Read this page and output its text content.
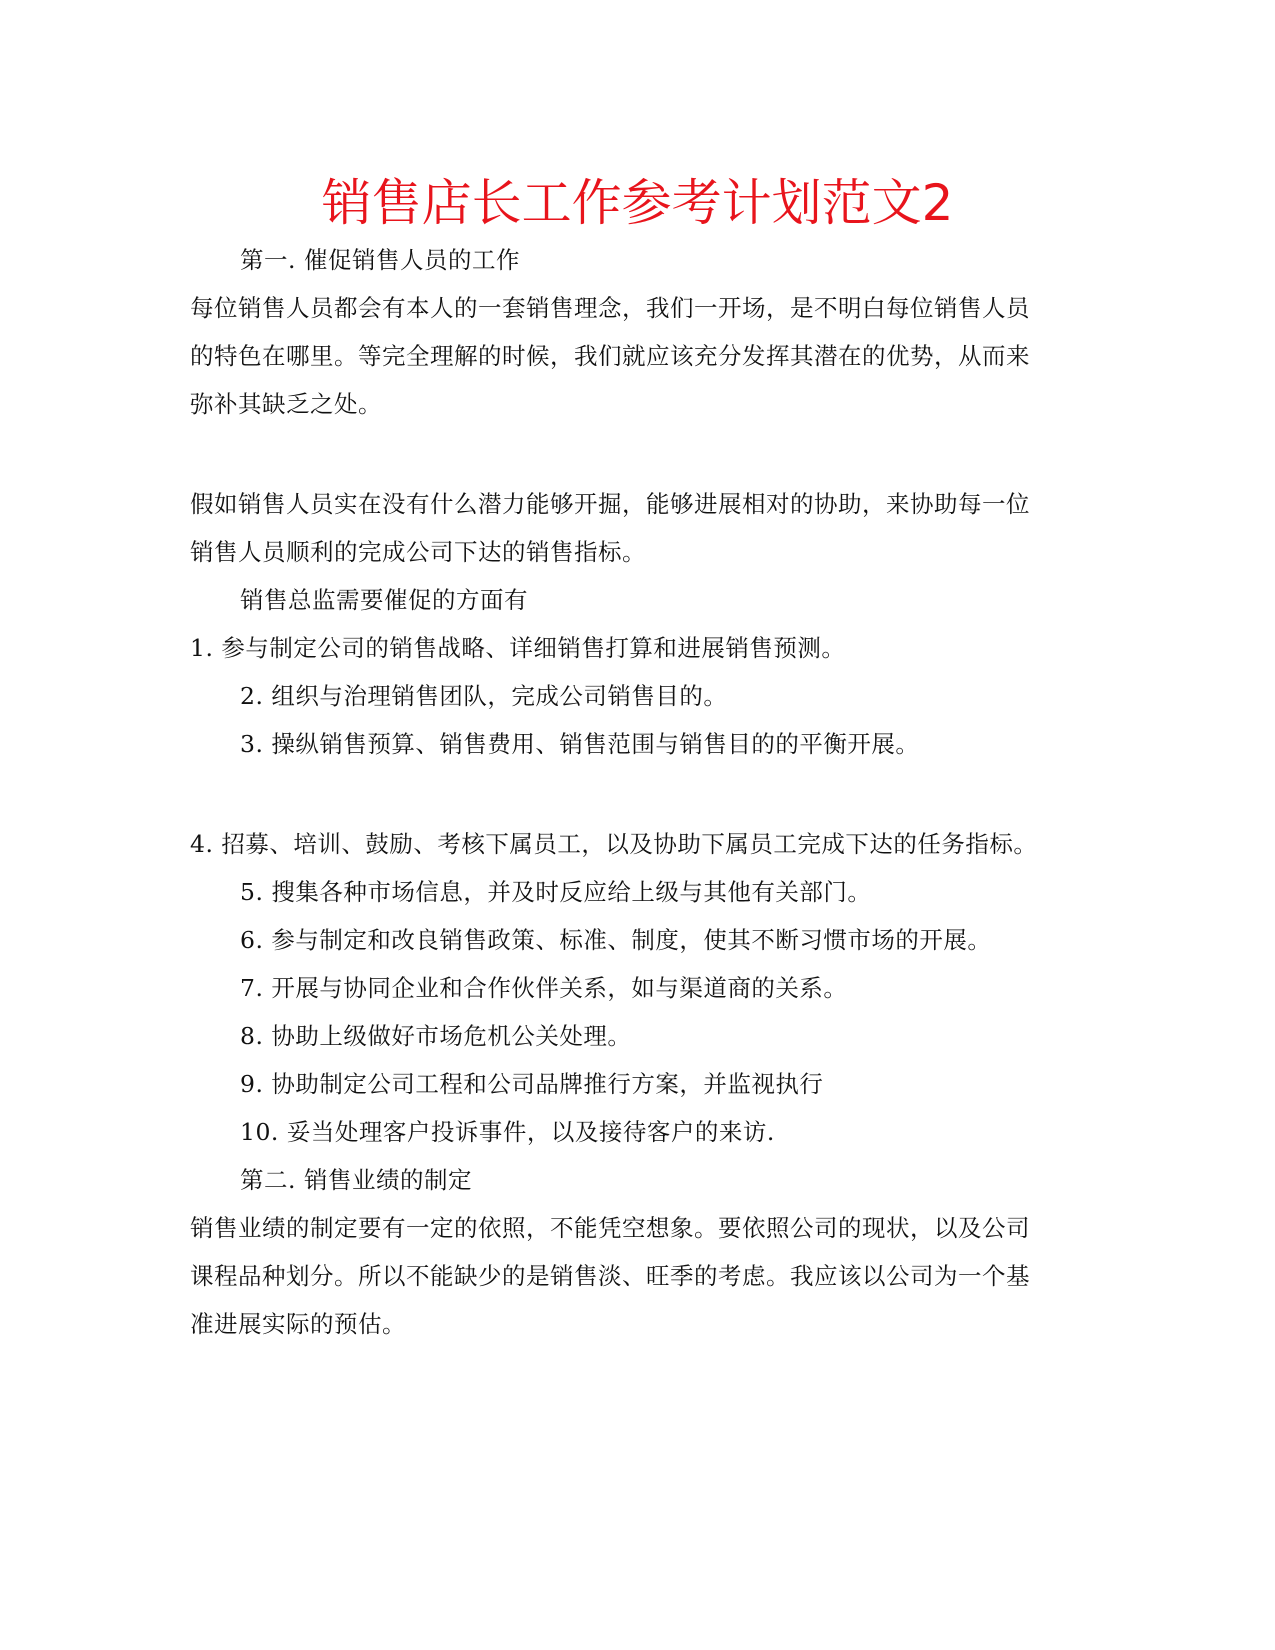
销售店长工作参考计划范文2
第一. 催促销售人员的工作
每位销售人员都会有本人的一套销售理念，我们一开场，是不明白每位销售人员
的特色在哪里。等完全理解的时候，我们就应该充分发挥其潜在的优势，从而来
弥补其缺乏之处。
假如销售人员实在没有什么潜力能够开掘，能够进展相对的协助，来协助每一位
销售人员顺利的完成公司下达的销售指标。
销售总监需要催促的方面有
1. 参与制定公司的销售战略、详细销售打算和进展销售预测。
2. 组织与治理销售团队，完成公司销售目的。
3. 操纵销售预算、销售费用、销售范围与销售目的的平衡开展。
4. 招募、培训、鼓励、考核下属员工，以及协助下属员工完成下达的任务指标。
5. 搜集各种市场信息，并及时反应给上级与其他有关部门。
6. 参与制定和改良销售政策、标准、制度，使其不断习惯市场的开展。
7. 开展与协同企业和合作伙伴关系，如与渠道商的关系。
8. 协助上级做好市场危机公关处理。
9. 协助制定公司工程和公司品牌推行方案，并监视执行
10. 妥当处理客户投诉事件，以及接待客户的来访.
第二. 销售业绩的制定
销售业绩的制定要有一定的依照，不能凭空想象。要依照公司的现状，以及公司
课程品种划分。所以不能缺少的是销售淡、旺季的考虑。我应该以公司为一个基
准进展实际的预估。
